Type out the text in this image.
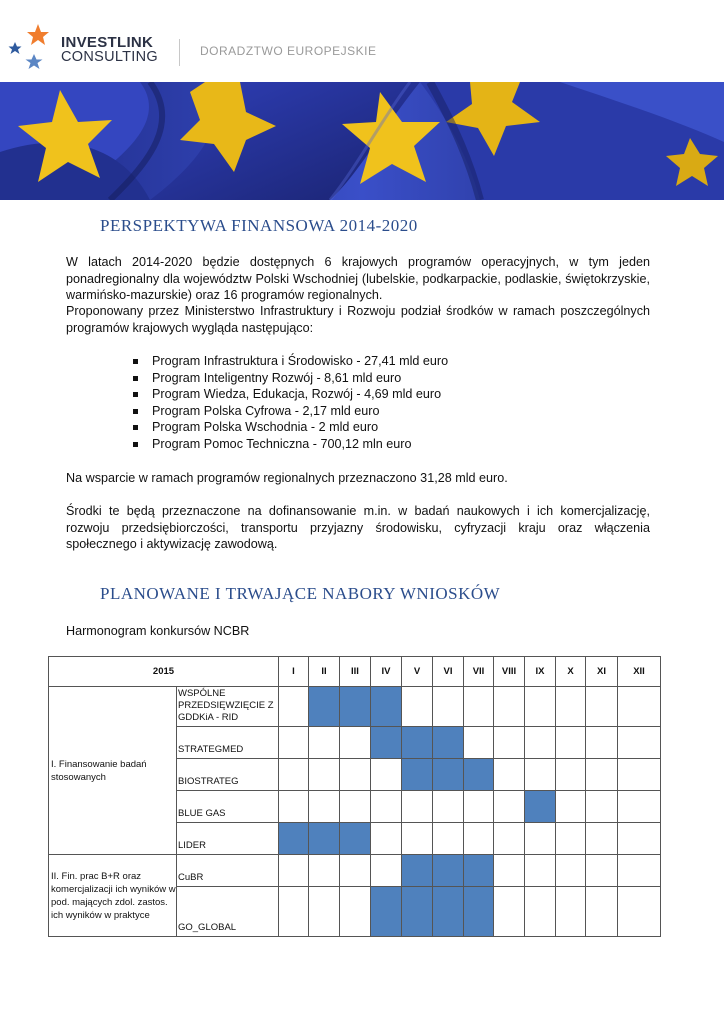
INVESTLINK
CONSULTING	DORADZTWO EUROPEJSKIE
PERSPEKTYWA FINANSOWA 2014-2020

W latach 2014-2020 będzie dostępnych 6 krajowych programów operacyjnych, w tym jeden ponadregionalny dla województw Polski Wschodniej (lubelskie, podkarpackie, podlaskie, świętokrzyskie, warmińsko-mazurskie) oraz 16 programów regionalnych.

Proponowany przez Ministerstwo Infrastruktury i Rozwoju podział środków w ramach poszczególnych programów krajowych wygląda następująco:

Program Infrastruktura i Środowisko - 27,41 mld euro
Program Inteligentny Rozwój - 8,61 mld euro
Program Wiedza, Edukacja, Rozwój - 4,69 mld euro
Program Polska Cyfrowa - 2,17 mld euro
Program Polska Wschodnia - 2 mld euro
Program Pomoc Techniczna - 700,12 mln euro

Na wsparcie w ramach programów regionalnych przeznaczono 31,28 mld euro.

Środki te będą przeznaczone na dofinansowanie m.in. w badań naukowych i ich komercjalizację, rozwoju przedsiębiorczości, transportu przyjazny środowisku, cyfryzacji kraju oraz włączenia społecznego i aktywizację zawodową.

PLANOWANE I TRWAJĄCE NABORY WNIOSKÓW
Harmonogram konkursów NCBR
2015		I	II	III	IV	V	VI	VII	VIII	IX	X	XI	XII
I. Finansowanie badań stosowanych	WSPÓLNE PRZEDSIĘWZIĘCIE Z GDDKiA - RID												
	STRATEGMED												
	BIOSTRATEG												
	BLUE GAS												
	LIDER												
II. Fin. prac B+R oraz komercjalizacji ich wyników w pod. mających zdol. zastos. ich wyników w praktyce	CuBR												
	GO_GLOBAL												
